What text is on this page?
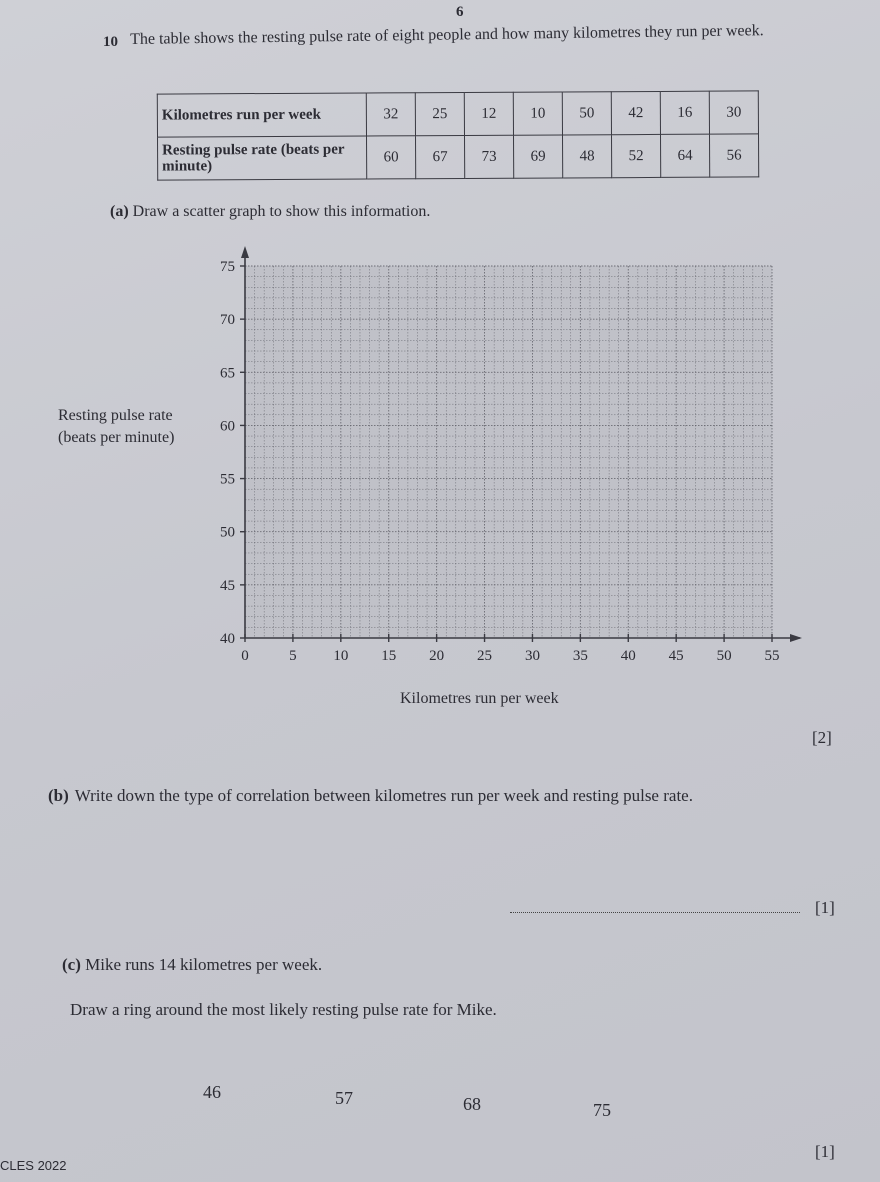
6
10 The table shows the resting pulse rate of eight people and how many kilometres they run per week.
Kilometres run per week	32	25	12	10	50	42	16	30
Resting pulse rate (beats per minute)	60	67	73	69	48	52	64	56
(a) Draw a scatter graph to show this information.
Resting pulse rate (beats per minute)
0	5 10 15 20 25 30 35 40 45 50 55
40
45
50
55
60
65
70
75
Kilometres run per week
[2]
(b) Write down the type of correlation between kilometres run per week and resting pulse rate.
[1]
(c) Mike runs 14 kilometres per week.
Draw a ring around the most likely resting pulse rate for Mike.
46	57	68	75
[1]
CLES 2022
